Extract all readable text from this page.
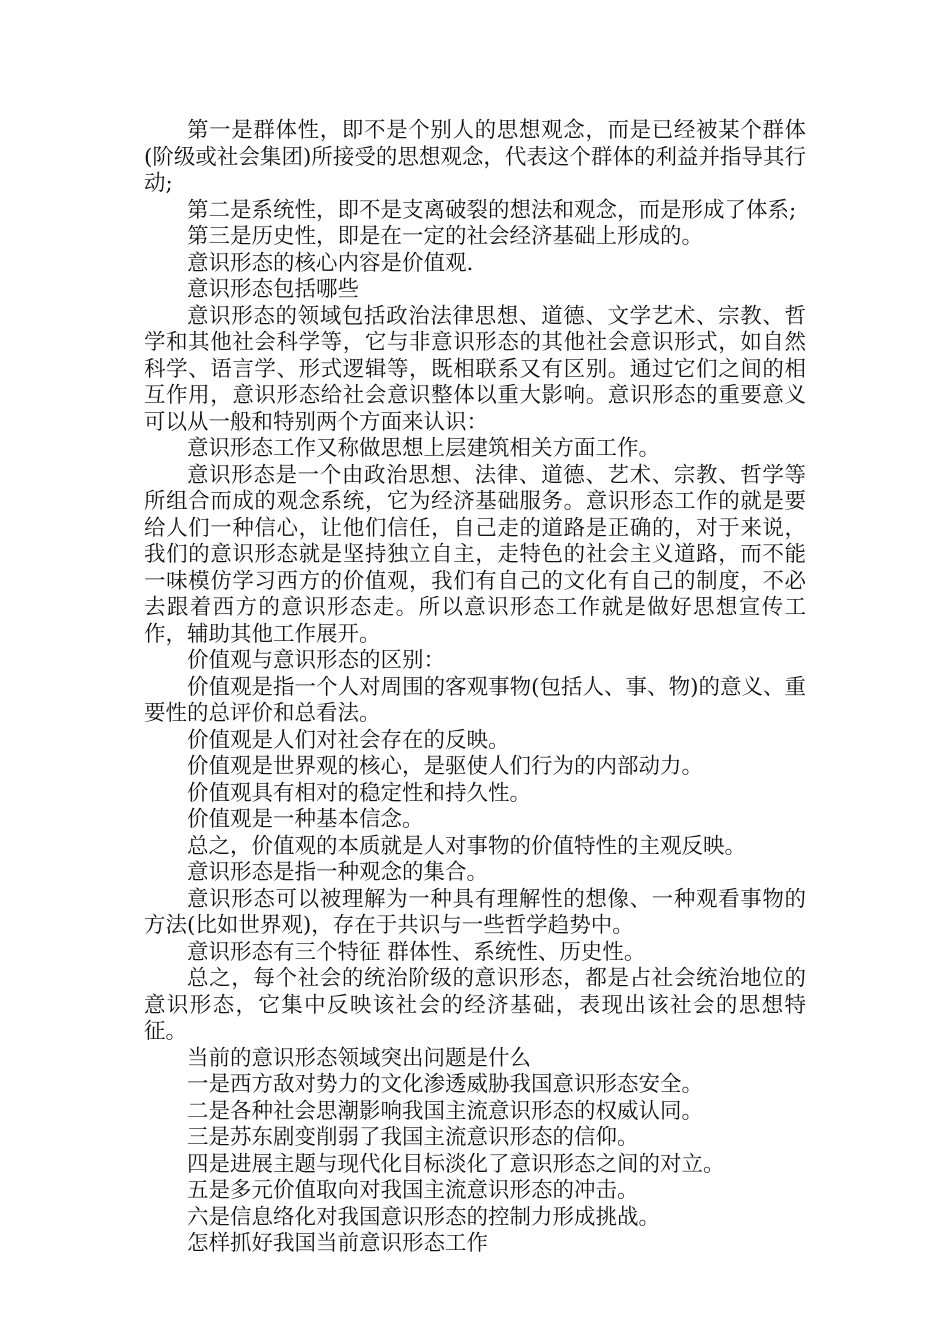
第一是群体性，即不是个别人的思想观念，而是已经被某个群体(阶级或社会集团)所接受的思想观念，代表这个群体的利益并指导其行动;

第二是系统性，即不是支离破裂的想法和观念，而是形成了体系;

第三是历史性，即是在一定的社会经济基础上形成的。

意识形态的核心内容是价值观.

意识形态包括哪些

意识形态的领域包括政治法律思想、道德、文学艺术、宗教、哲学和其他社会科学等，它与非意识形态的其他社会意识形式，如自然科学、语言学、形式逻辑等，既相联系又有区别。通过它们之间的相互作用，意识形态给社会意识整体以重大影响。意识形态的重要意义可以从一般和特别两个方面来认识：

意识形态工作又称做思想上层建筑相关方面工作。

意识形态是一个由政治思想、法律、道德、艺术、宗教、哲学等所组合而成的观念系统，它为经济基础服务。意识形态工作的就是要给人们一种信心，让他们信任，自己走的道路是正确的，对于来说，我们的意识形态就是坚持独立自主，走特色的社会主义道路，而不能一味模仿学习西方的价值观，我们有自己的文化有自己的制度，不必去跟着西方的意识形态走。所以意识形态工作就是做好思想宣传工作，辅助其他工作展开。

价值观与意识形态的区别：

价值观是指一个人对周围的客观事物(包括人、事、物)的意义、重要性的总评价和总看法。

价值观是人们对社会存在的反映。

价值观是世界观的核心，是驱使人们行为的内部动力。

价值观具有相对的稳定性和持久性。

价值观是一种基本信念。

总之，价值观的本质就是人对事物的价值特性的主观反映。

意识形态是指一种观念的集合。

意识形态可以被理解为一种具有理解性的想像、一种观看事物的方法(比如世界观)，存在于共识与一些哲学趋势中。

意识形态有三个特征 群体性、系统性、历史性。

总之，每个社会的统治阶级的意识形态，都是占社会统治地位的意识形态，它集中反映该社会的经济基础，表现出该社会的思想特征。

当前的意识形态领域突出问题是什么

一是西方敌对势力的文化渗透威胁我国意识形态安全。

二是各种社会思潮影响我国主流意识形态的权威认同。

三是苏东剧变削弱了我国主流意识形态的信仰。

四是进展主题与现代化目标淡化了意识形态之间的对立。

五是多元价值取向对我国主流意识形态的冲击。

六是信息络化对我国意识形态的控制力形成挑战。

怎样抓好我国当前意识形态工作
